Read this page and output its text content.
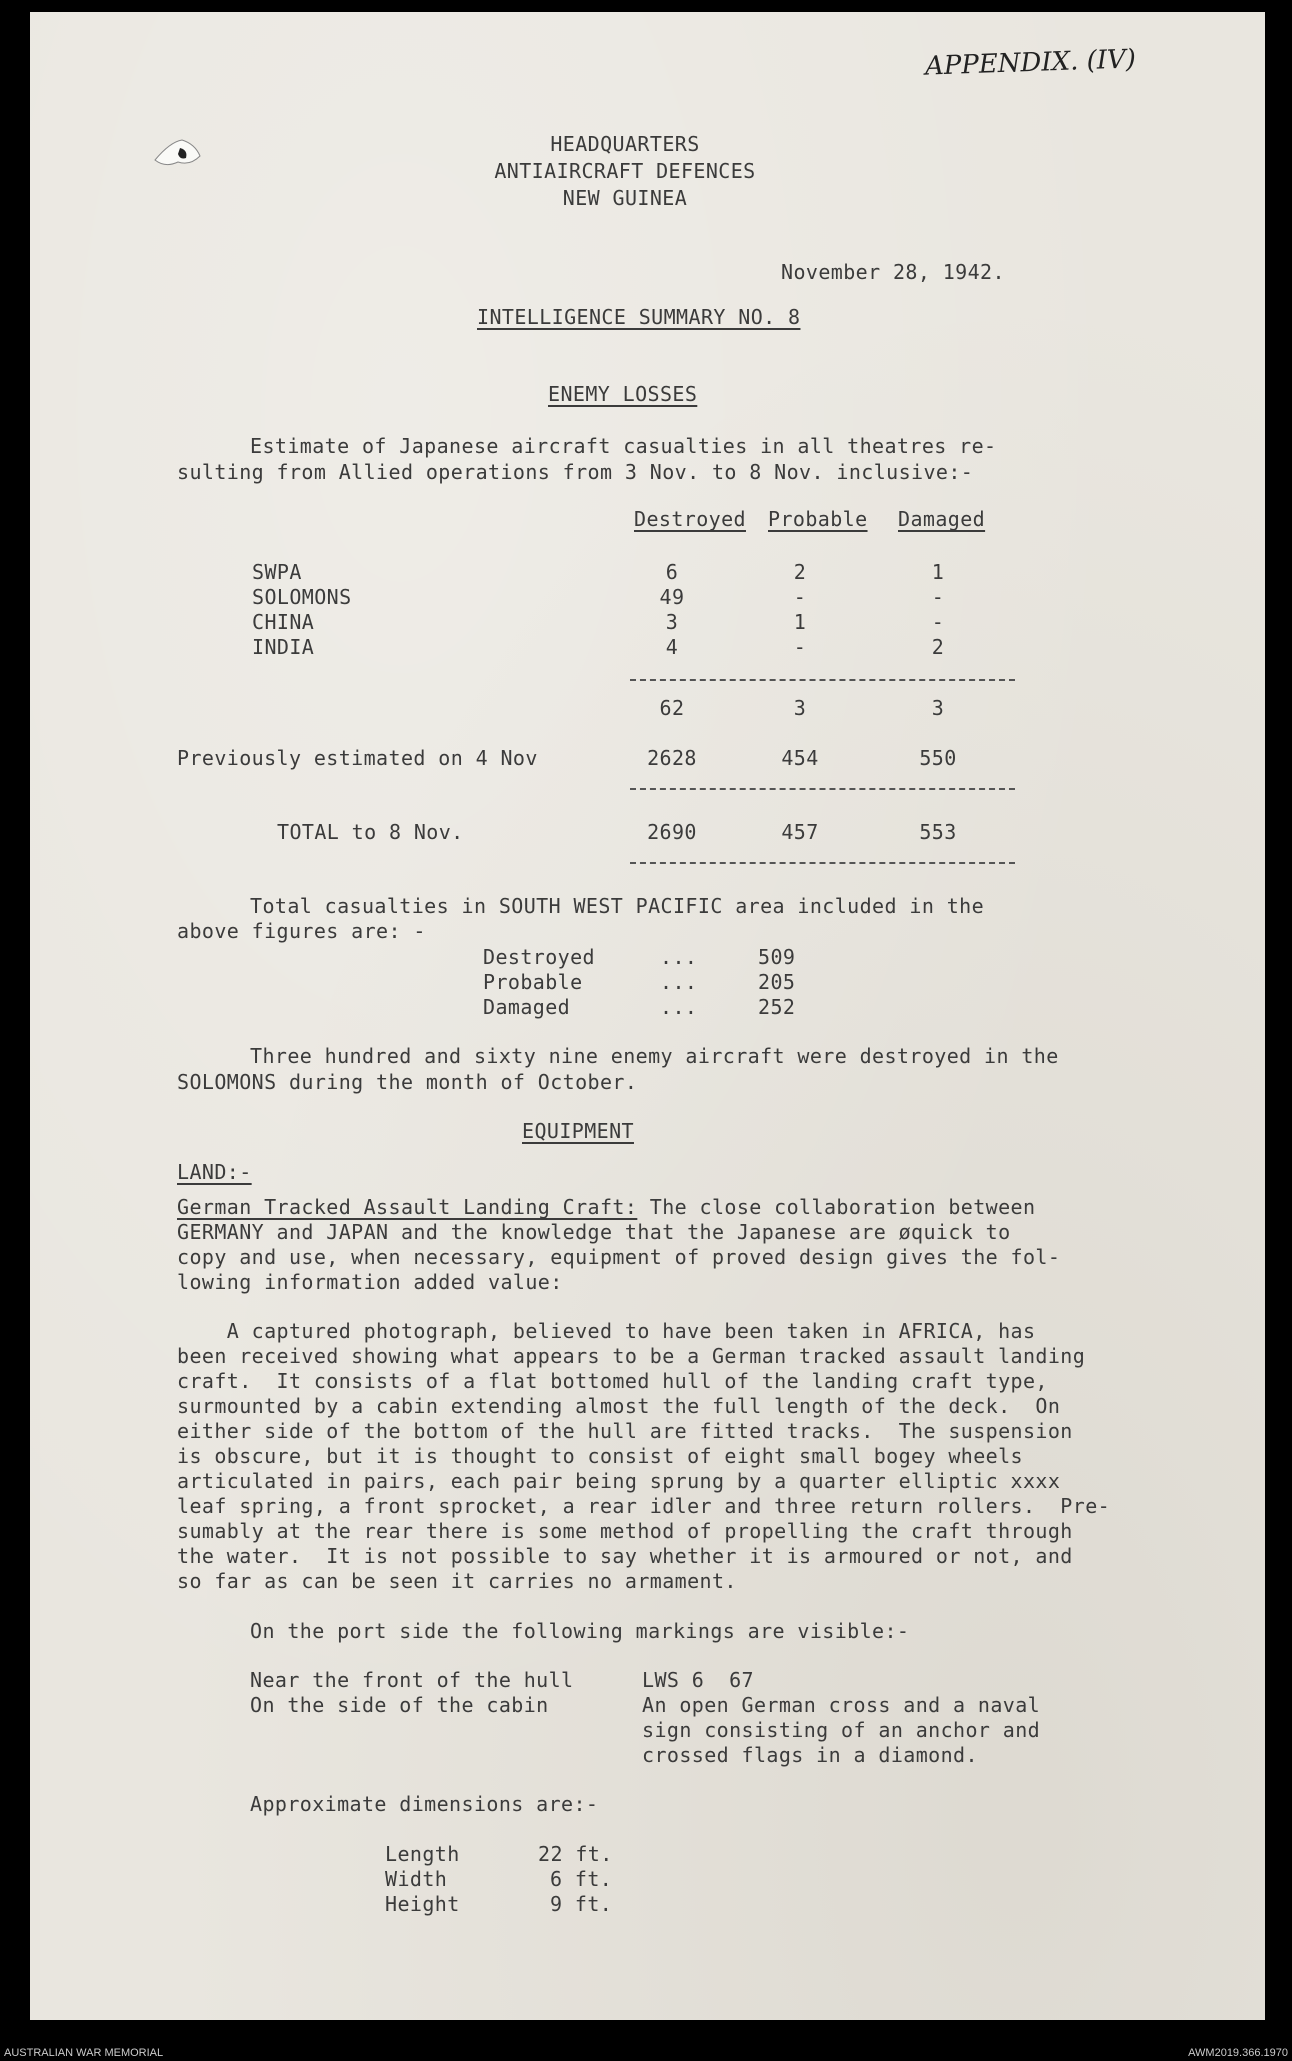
APPENDIX. (IV)
HEADQUARTERS
ANTIAIRCRAFT DEFENCES
NEW GUINEA
November 28, 1942.
INTELLIGENCE SUMMARY NO. 8
ENEMY LOSSES
Estimate of Japanese aircraft casualties in all theatres re-
sulting from Allied operations from 3 Nov. to 8 Nov. inclusive:-
Destroyed Probable Damaged
SWPA	6	2	1
SOLOMONS	49	-	-
CHINA	3	1	-
INDIA	4	-	2
62	3	3
Previously estimated on 4 Nov	2628	454	550
TOTAL to 8 Nov.	2690	457	553
Total casualties in SOUTH WEST PACIFIC area included in the
above figures are: -
Destroyed	...	509
Probable	...	205
Damaged	...	252
Three hundred and sixty nine enemy aircraft were destroyed in the
SOLOMONS during the month of October.
EQUIPMENT
LAND:-
German Tracked Assault Landing Craft: The close collaboration between
GERMANY and JAPAN and the knowledge that the Japanese are øquick to
copy and use, when necessary, equipment of proved design gives the fol-
lowing information added value:
A captured photograph, believed to have been taken in AFRICA, has
been received showing what appears to be a German tracked assault landing
craft.  It consists of a flat bottomed hull of the landing craft type,
surmounted by a cabin extending almost the full length of the deck.  On
either side of the bottom of the hull are fitted tracks.  The suspension
is obscure, but it is thought to consist of eight small bogey wheels
articulated in pairs, each pair being sprung by a quarter elliptic xxxx
leaf spring, a front sprocket, a rear idler and three return rollers.  Pre-
sumably at the rear there is some method of propelling the craft through
the water.  It is not possible to say whether it is armoured or not, and
so far as can be seen it carries no armament.
On the port side the following markings are visible:-
Near the front of the hull	LWS 6  67
On the side of the cabin	An open German cross and a naval
sign consisting of an anchor and
crossed flags in a diamond.
Approximate dimensions are:-
Length	22 ft.
Width	6 ft.
Height	9 ft.
AUSTRALIAN WAR MEMORIAL	AWM2019.366.1970
